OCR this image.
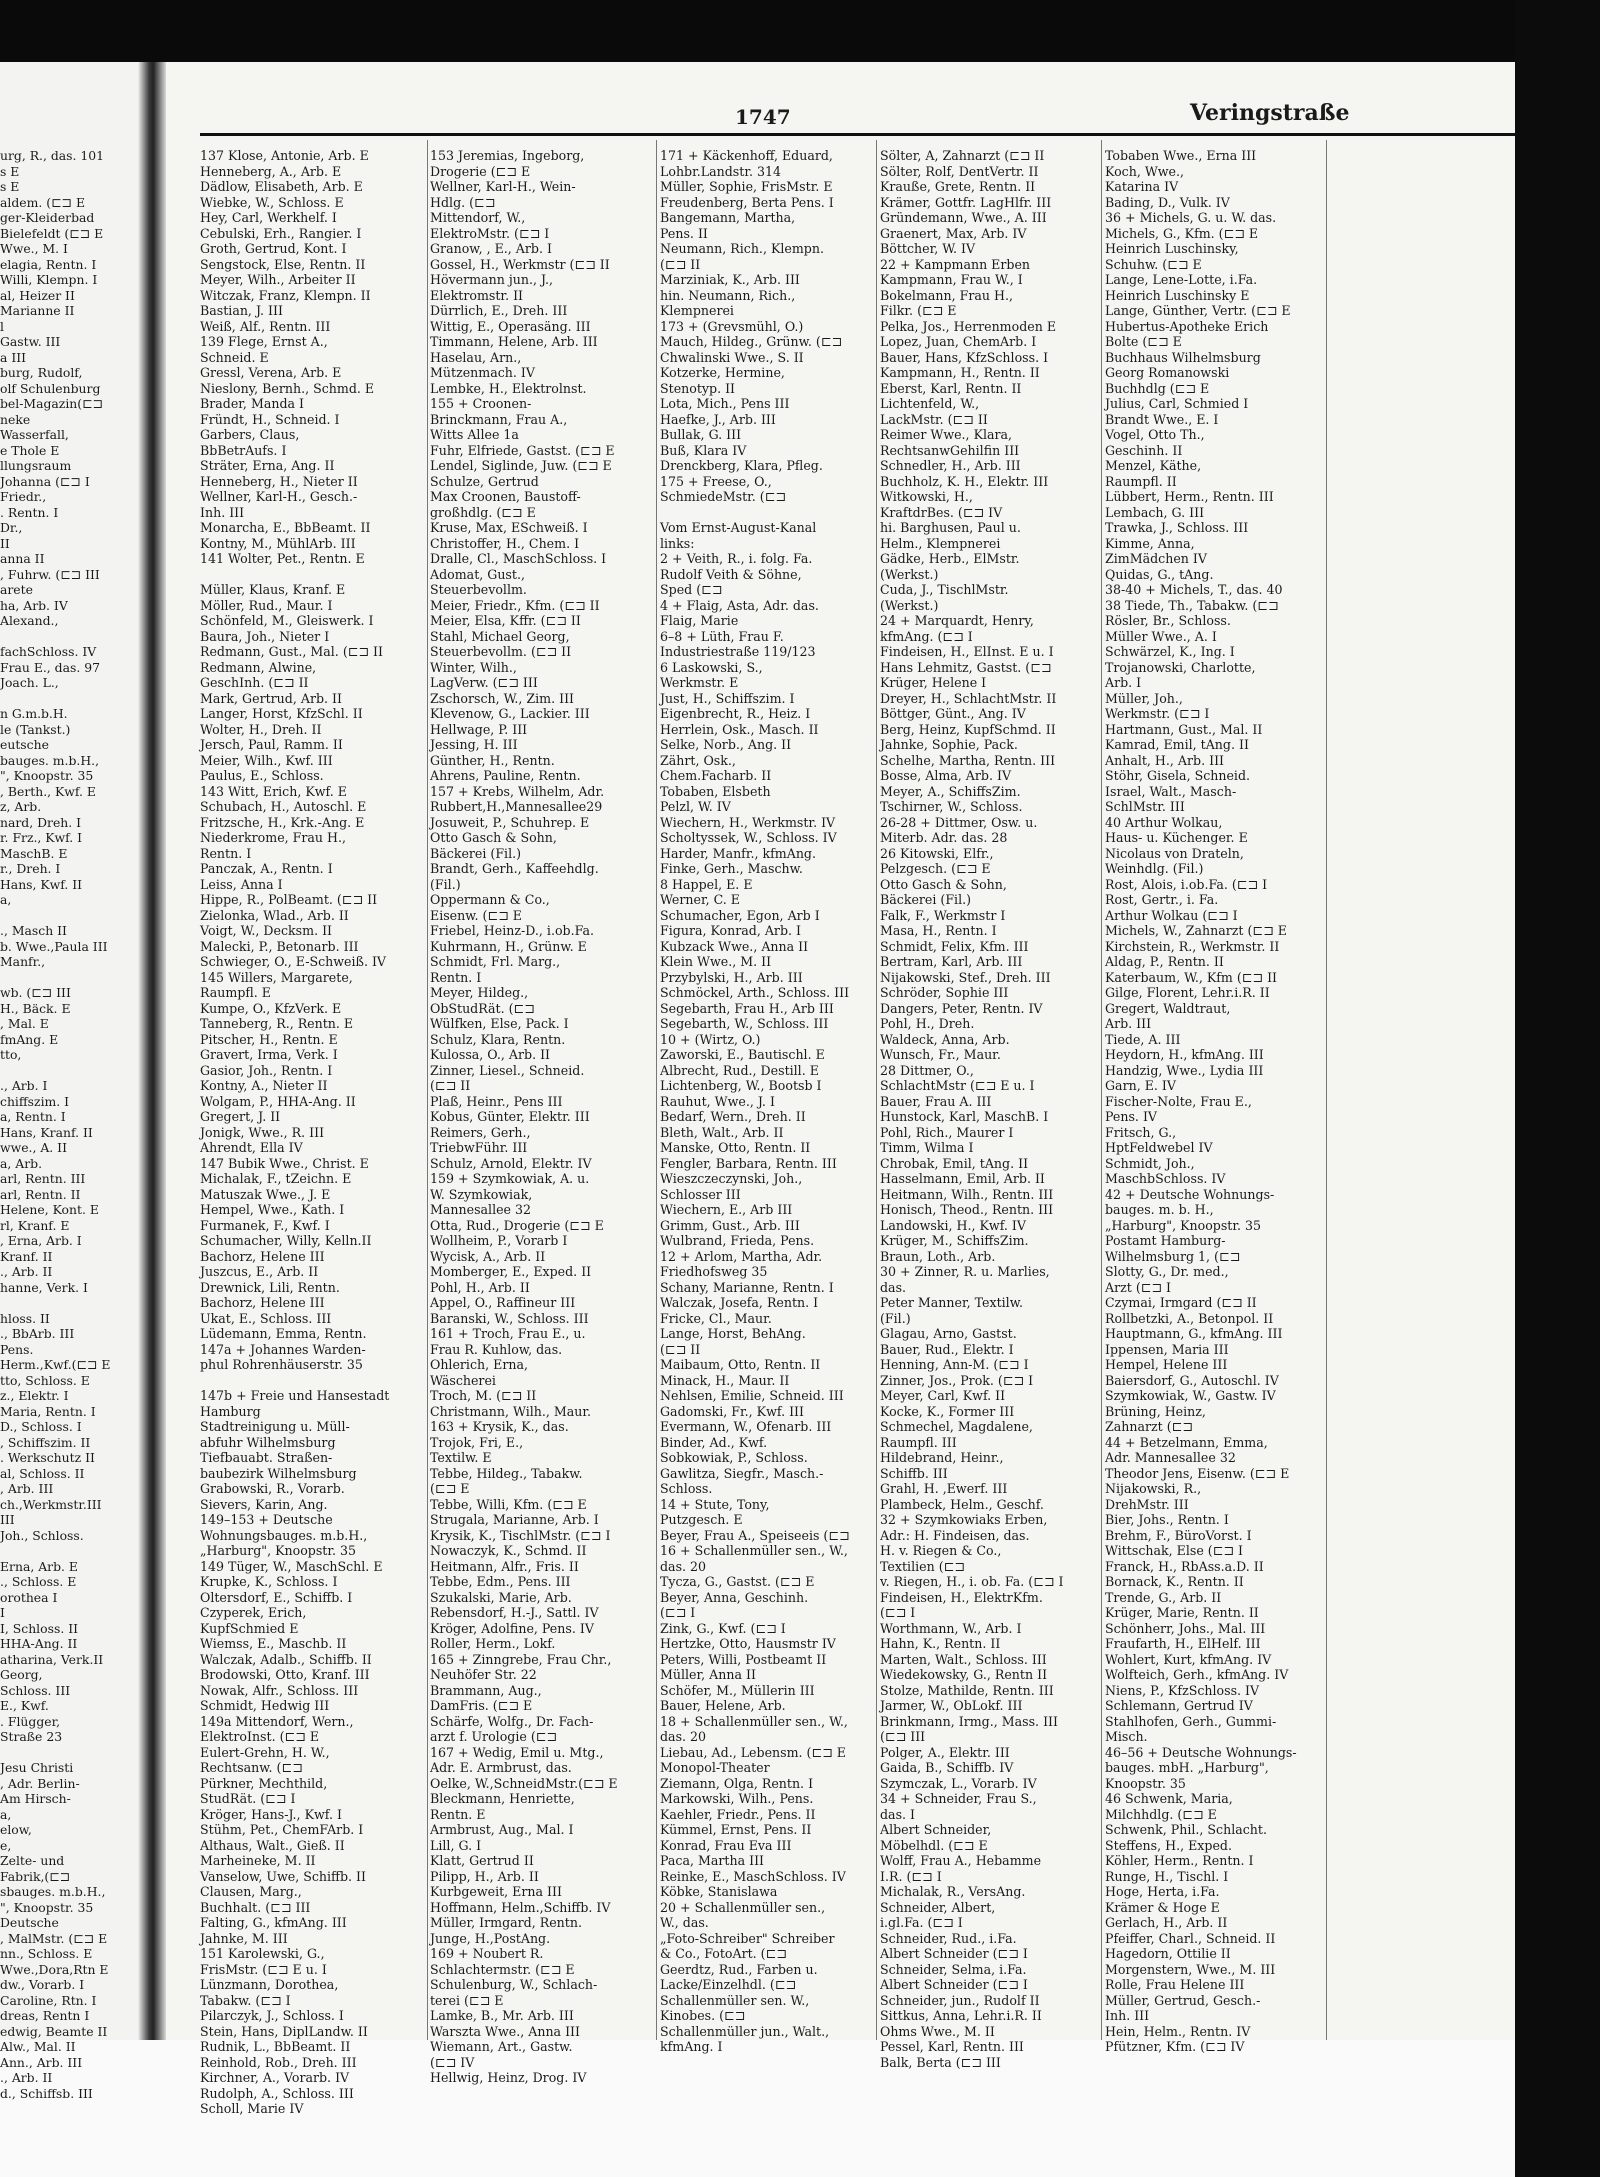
1747	Veringstraße
urg, R., das. 101
s E
s E
aldem. (⊏⊐ E
ger-Kleiderbad
Bielefeldt (⊏⊐ E
Wwe., M. I
elagia, Rentn. I
Willi, Klempn. I
al, Heizer II
Marianne II
l
Gastw. III
a III
burg, Rudolf,
olf Schulenburg
bel-Magazin(⊏⊐
neke
Wasserfall,
e Thole E
llungsraum
Johanna (⊏⊐ I
Friedr.,
. Rentn. I
Dr.,
II
anna II
, Fuhrw. (⊏⊐ III
arete
ha, Arb. IV
Alexand.,
fachSchloss. IV
Frau E., das. 97
Joach. L.,
n G.m.b.H.
le (Tankst.)
eutsche
bauges. m.b.H.,
", Knoopstr. 35
, Berth., Kwf. E
z, Arb.
nard, Dreh. I
r. Frz., Kwf. I
MaschB. E
r., Dreh. I
Hans, Kwf. II
a,
., Masch II
b. Wwe.,Paula III
Manfr.,
wb. (⊏⊐ III
H., Bäck. E
, Mal. E
fmAng. E
tto,
., Arb. I
chiffszim. I
a, Rentn. I
Hans, Kranf. II
wwe., A. II
a, Arb.
arl, Rentn. III
arl, Rentn. II
Helene, Kont. E
rl, Kranf. E
, Erna, Arb. I
Kranf. II
., Arb. II
hanne, Verk. I
hloss. II
., BbArb. III
Pens.
Herm.,Kwf.(⊏⊐ E
tto, Schloss. E
z., Elektr. I
Maria, Rentn. I
D., Schloss. I
, Schiffszim. II
. Werkschutz II
al, Schloss. II
, Arb. III
ch.,Werkmstr.III
III
Joh., Schloss.
Erna, Arb. E
., Schloss. E
orothea I
I
I, Schloss. II
HHA-Ang. II
atharina, Verk.II
Georg,
Schloss. III
E., Kwf.
. Flügger,
Straße 23
Jesu Christi
, Adr. Berlin-
Am Hirsch-
a,
elow,
e,
Zelte- und
Fabrik,(⊏⊐
sbauges. m.b.H.,
", Knoopstr. 35
Deutsche
, MalMstr. (⊏⊐ E
nn., Schloss. E
Wwe.,Dora,Rtn E
dw., Vorarb. I
Caroline, Rtn. I
dreas, Rentn I
edwig, Beamte II
Alw., Mal. II
Ann., Arb. III
., Arb. II
d., Schiffsb. III
137 Klose, Antonie, Arb. E
Henneberg, A., Arb. E
Dädlow, Elisabeth, Arb. E
Wiebke, W., Schloss. E
Hey, Carl, Werkhelf. I
Cebulski, Erh., Rangier. I
Groth, Gertrud, Kont. I
Sengstock, Else, Rentn. II
Meyer, Wilh., Arbeiter II
Witczak, Franz, Klempn. II
Bastian, J. III
Weiß, Alf., Rentn. III
139 Flege, Ernst A.,
Schneid. E
Gressl, Verena, Arb. E
Nieslony, Bernh., Schmd. E
Brader, Manda I
Fründt, H., Schneid. I
Garbers, Claus,
BbBetrAufs. I
Sträter, Erna, Ang. II
Henneberg, H., Nieter II
Wellner, Karl-H., Gesch.-
Inh. III
Monarcha, E., BbBeamt. II
Kontny, M., MühlArb. III
141 Wolter, Pet., Rentn. E
Müller, Klaus, Kranf. E
Möller, Rud., Maur. I
Schönfeld, M., Gleiswerk. I
Baura, Joh., Nieter I
Redmann, Gust., Mal. (⊏⊐ II
Redmann, Alwine,
GeschInh. (⊏⊐ II
Mark, Gertrud, Arb. II
Langer, Horst, KfzSchl. II
Wolter, H., Dreh. II
Jersch, Paul, Ramm. II
Meier, Wilh., Kwf. III
Paulus, E., Schloss.
143 Witt, Erich, Kwf. E
Schubach, H., Autoschl. E
Fritzsche, H., Krk.-Ang. E
Niederkrome, Frau H.,
Rentn. I
Panczak, A., Rentn. I
Leiss, Anna I
Hippe, R., PolBeamt. (⊏⊐ II
Zielonka, Wlad., Arb. II
Voigt, W., Decksm. II
Malecki, P., Betonarb. III
Schwieger, O., E-Schweiß. IV
145 Willers, Margarete,
Raumpfl. E
Kumpe, O., KfzVerk. E
Tanneberg, R., Rentn. E
Pitscher, H., Rentn. E
Gravert, Irma, Verk. I
Gasior, Joh., Rentn. I
Kontny, A., Nieter II
Wolgam, P., HHA-Ang. II
Gregert, J. II
Jonigk, Wwe., R. III
Ahrendt, Ella IV
147 Bubik Wwe., Christ. E
Michalak, F., tZeichn. E
Matuszak Wwe., J. E
Hempel, Wwe., Kath. I
Furmanek, F., Kwf. I
Schumacher, Willy, Kelln.II
Bachorz, Helene III
Juszcus, E., Arb. II
Drewnick, Lili, Rentn.
Bachorz, Helene III
Ukat, E., Schloss. III
Lüdemann, Emma, Rentn.
147a + Johannes Warden-
phul Rohrenhäuserstr. 35
147b + Freie und Hansestadt
Hamburg
Stadtreinigung u. Müll-
abfuhr Wilhelmsburg
Tiefbauabt. Straßen-
baubezirk Wilhelmsburg
Grabowski, R., Vorarb.
Sievers, Karin, Ang.
149–153 + Deutsche
Wohnungsbauges. m.b.H.,
„Harburg", Knoopstr. 35
149 Tüger, W., MaschSchl. E
Krupke, K., Schloss. I
Oltersdorf, E., Schiffb. I
Czyperek, Erich,
KupfSchmied E
Wiemss, E., Maschb. II
Walczak, Adalb., Schiffb. II
Brodowski, Otto, Kranf. III
Nowak, Alfr., Schloss. III
Schmidt, Hedwig III
149a Mittendorf, Wern.,
ElektroInst. (⊏⊐ E
Eulert-Grehn, H. W.,
Rechtsanw. (⊏⊐
Pürkner, Mechthild,
StudRät. (⊏⊐ I
Kröger, Hans-J., Kwf. I
Stühm, Pet., ChemFArb. I
Althaus, Walt., Gieß. II
Marheineke, M. II
Vanselow, Uwe, Schiffb. II
Clausen, Marg.,
Buchhalt. (⊏⊐ III
Falting, G., kfmAng. III
Jahnke, M. III
151 Karolewski, G.,
FrisMstr. (⊏⊐ E u. I
Lünzmann, Dorothea,
Tabakw. (⊏⊐ I
Pilarczyk, J., Schloss. I
Stein, Hans, DiplLandw. II
Rudnik, L., BbBeamt. II
Reinhold, Rob., Dreh. III
Kirchner, A., Vorarb. IV
Rudolph, A., Schloss. III
Scholl, Marie IV
153 Jeremias, Ingeborg,
Drogerie (⊏⊐ E
Wellner, Karl-H., Wein-
Hdlg. (⊏⊐
Mittendorf, W.,
ElektroMstr. (⊏⊐ I
Granow, , E., Arb. I
Gossel, H., Werkmstr (⊏⊐ II
Hövermann jun., J.,
Elektromstr. II
Dürrlich, E., Dreh. III
Wittig, E., Operasäng. III
Timmann, Helene, Arb. III
Haselau, Arn.,
Mützenmach. IV
Lembke, H., Elektrolnst.
155 + Croonen-
Brinckmann, Frau A.,
Witts Allee 1a
Fuhr, Elfriede, Gastst. (⊏⊐ E
Lendel, Siglinde, Juw. (⊏⊐ E
Schulze, Gertrud
Max Croonen, Baustoff-
großhdlg. (⊏⊐ E
Kruse, Max, ESchweiß. I
Christoffer, H., Chem. I
Dralle, Cl., MaschSchloss. I
Adomat, Gust.,
Steuerbevollm.
Meier, Friedr., Kfm. (⊏⊐ II
Meier, Elsa, Kffr. (⊏⊐ II
Stahl, Michael Georg,
Steuerbevollm. (⊏⊐ II
Winter, Wilh.,
LagVerw. (⊏⊐ III
Zschorsch, W., Zim. III
Klevenow, G., Lackier. III
Hellwage, P. III
Jessing, H. III
Günther, H., Rentn.
Ahrens, Pauline, Rentn.
157 + Krebs, Wilhelm, Adr.
Rubbert,H.,Mannesallee29
Josuweit, P., Schuhrep. E
Otto Gasch & Sohn,
Bäckerei (Fil.)
Brandt, Gerh., Kaffeehdlg.
(Fil.)
Oppermann & Co.,
Eisenw. (⊏⊐ E
Friebel, Heinz-D., i.ob.Fa.
Kuhrmann, H., Grünw. E
Schmidt, Frl. Marg.,
Rentn. I
Meyer, Hildeg.,
ObStudRät. (⊏⊐
Wülfken, Else, Pack. I
Schulz, Klara, Rentn.
Kulossa, O., Arb. II
Zinner, Liesel., Schneid.
(⊏⊐ II
Plaß, Heinr., Pens III
Kobus, Günter, Elektr. III
Reimers, Gerh.,
TriebwFühr. III
Schulz, Arnold, Elektr. IV
159 + Szymkowiak, A. u.
W. Szymkowiak,
Mannesallee 32
Otta, Rud., Drogerie (⊏⊐ E
Wollheim, P., Vorarb I
Wycisk, A., Arb. II
Momberger, E., Exped. II
Pohl, H., Arb. II
Appel, O., Raffineur III
Baranski, W., Schloss. III
161 + Troch, Frau E., u.
Frau R. Kuhlow, das.
Ohlerich, Erna,
Wäscherei
Troch, M. (⊏⊐ II
Christmann, Wilh., Maur.
163 + Krysik, K., das.
Trojok, Fri, E.,
Textilw. E
Tebbe, Hildeg., Tabakw.
(⊏⊐ E
Tebbe, Willi, Kfm. (⊏⊐ E
Strugala, Marianne, Arb. I
Krysik, K., TischlMstr. (⊏⊐ I
Nowaczyk, K., Schmd. II
Heitmann, Alfr., Fris. II
Tebbe, Edm., Pens. III
Szukalski, Marie, Arb.
Rebensdorf, H.-J., Sattl. IV
Kröger, Adolfine, Pens. IV
Roller, Herm., Lokf.
165 + Zinngrebe, Frau Chr.,
Neuhöfer Str. 22
Brammann, Aug.,
DamFris. (⊏⊐ E
Schärfe, Wolfg., Dr. Fach-
arzt f. Urologie (⊏⊐
167 + Wedig, Emil u. Mtg.,
Adr. E. Armbrust, das.
Oelke, W.,SchneidMstr.(⊏⊐ E
Bleckmann, Henriette,
Rentn. E
Armbrust, Aug., Mal. I
Lill, G. I
Klatt, Gertrud II
Pilipp, H., Arb. II
Kurbgeweit, Erna III
Hoffmann, Helm.,Schiffb. IV
Müller, Irmgard, Rentn.
Junge, H.,PostAng.
169 + Noubert R.
Schlachtermstr. (⊏⊐ E
Schulenburg, W., Schlach-
terei (⊏⊐ E
Lamke, B., Mr. Arb. III
Warszta Wwe., Anna III
Wiemann, Art., Gastw.
(⊏⊐ IV
Hellwig, Heinz, Drog. IV
171 + Käckenhoff, Eduard,
Lohbr.Landstr. 314
Müller, Sophie, FrisMstr. E
Freudenberg, Berta Pens. I
Bangemann, Martha,
Pens. II
Neumann, Rich., Klempn.
(⊏⊐ II
Marziniak, K., Arb. III
hin. Neumann, Rich.,
Klempnerei
173 + (Grevsmühl, O.)
Mauch, Hildeg., Grünw. (⊏⊐
Chwalinski Wwe., S. II
Kotzerke, Hermine,
Stenotyp. II
Lota, Mich., Pens III
Haefke, J., Arb. III
Bullak, G. III
Buß, Klara IV
Drenckberg, Klara, Pfleg.
175 + Freese, O.,
SchmiedeMstr. (⊏⊐
Vom Ernst-August-Kanal
links:
2 + Veith, R., i. folg. Fa.
Rudolf Veith & Söhne,
Sped (⊏⊐
4 + Flaig, Asta, Adr. das.
Flaig, Marie
6–8 + Lüth, Frau F.
Industriestraße 119/123
6 Laskowski, S.,
Werkmstr. E
Just, H., Schiffszim. I
Eigenbrecht, R., Heiz. I
Herrlein, Osk., Masch. II
Selke, Norb., Ang. II
Zährt, Osk.,
Chem.Facharb. II
Tobaben, Elsbeth
Pelzl, W. IV
Wiechern, H., Werkmstr. IV
Scholtyssek, W., Schloss. IV
Harder, Manfr., kfmAng.
Finke, Gerh., Maschw.
8 Happel, E. E
Werner, C. E
Schumacher, Egon, Arb I
Figura, Konrad, Arb. I
Kubzack Wwe., Anna II
Klein Wwe., M. II
Przybylski, H., Arb. III
Schmöckel, Arth., Schloss. III
Segebarth, Frau H., Arb III
Segebarth, W., Schloss. III
10 + (Wirtz, O.)
Zaworski, E., Bautischl. E
Albrecht, Rud., Destill. E
Lichtenberg, W., Bootsb I
Rauhut, Wwe., J. I
Bedarf, Wern., Dreh. II
Bleth, Walt., Arb. II
Manske, Otto, Rentn. II
Fengler, Barbara, Rentn. III
Wieszczeczynski, Joh.,
Schlosser III
Wiechern, E., Arb III
Grimm, Gust., Arb. III
Wulbrand, Frieda, Pens.
12 + Arlom, Martha, Adr.
Friedhofsweg 35
Schany, Marianne, Rentn. I
Walczak, Josefa, Rentn. I
Fricke, Cl., Maur.
Lange, Horst, BehAng.
(⊏⊐ II
Maibaum, Otto, Rentn. II
Minack, H., Maur. II
Nehlsen, Emilie, Schneid. III
Gadomski, Fr., Kwf. III
Evermann, W., Ofenarb. III
Binder, Ad., Kwf.
Sobkowiak, P., Schloss.
Gawlitza, Siegfr., Masch.-
Schloss.
14 + Stute, Tony,
Putzgesch. E
Beyer, Frau A., Speiseeis (⊏⊐
16 + Schallenmüller sen., W.,
das. 20
Tycza, G., Gastst. (⊏⊐ E
Beyer, Anna, Geschinh.
(⊏⊐ I
Zink, G., Kwf. (⊏⊐ I
Hertzke, Otto, Hausmstr IV
Peters, Willi, Postbeamt II
Müller, Anna II
Schöfer, M., Müllerin III
Bauer, Helene, Arb.
18 + Schallenmüller sen., W.,
das. 20
Liebau, Ad., Lebensm. (⊏⊐ E
Monopol-Theater
Ziemann, Olga, Rentn. I
Markowski, Wilh., Pens.
Kaehler, Friedr., Pens. II
Kümmel, Ernst, Pens. II
Konrad, Frau Eva III
Paca, Martha III
Reinke, E., MaschSchloss. IV
Köbke, Stanislawa
20 + Schallenmüller sen.,
W., das.
„Foto-Schreiber" Schreiber
& Co., FotoArt. (⊏⊐
Geerdtz, Rud., Farben u.
Lacke/Einzelhdl. (⊏⊐
Schallenmüller sen. W.,
Kinobes. (⊏⊐
Schallenmüller jun., Walt.,
kfmAng. I
Sölter, A, Zahnarzt (⊏⊐ II
Sölter, Rolf, DentVertr. II
Krauße, Grete, Rentn. II
Krämer, Gottfr. LagHlfr. III
Gründemann, Wwe., A. III
Graenert, Max, Arb. IV
Böttcher, W. IV
22 + Kampmann Erben
Kampmann, Frau W., I
Bokelmann, Frau H.,
Filkr. (⊏⊐ E
Pelka, Jos., Herrenmoden E
Lopez, Juan, ChemArb. I
Bauer, Hans, KfzSchloss. I
Kampmann, H., Rentn. II
Eberst, Karl, Rentn. II
Lichtenfeld, W.,
LackMstr. (⊏⊐ II
Reimer Wwe., Klara,
RechtsanwGehilfin III
Schnedler, H., Arb. III
Buchholz, K. H., Elektr. III
Witkowski, H.,
KraftdrBes. (⊏⊐ IV
hi. Barghusen, Paul u.
Helm., Klempnerei
Gädke, Herb., ElMstr.
(Werkst.)
Cuda, J., TischlMstr.
(Werkst.)
24 + Marquardt, Henry,
kfmAng. (⊏⊐ I
Findeisen, H., ElInst. E u. I
Hans Lehmitz, Gastst. (⊏⊐
Krüger, Helene I
Dreyer, H., SchlachtMstr. II
Böttger, Günt., Ang. IV
Berg, Heinz, KupfSchmd. II
Jahnke, Sophie, Pack.
Schelhe, Martha, Rentn. III
Bosse, Alma, Arb. IV
Meyer, A., SchiffsZim.
Tschirner, W., Schloss.
26-28 + Dittmer, Osw. u.
Miterb. Adr. das. 28
26 Kitowski, Elfr.,
Pelzgesch. (⊏⊐ E
Otto Gasch & Sohn,
Bäckerei (Fil.)
Falk, F., Werkmstr I
Masa, H., Rentn. I
Schmidt, Felix, Kfm. III
Bertram, Karl, Arb. III
Nijakowski, Stef., Dreh. III
Schröder, Sophie III
Dangers, Peter, Rentn. IV
Pohl, H., Dreh.
Waldeck, Anna, Arb.
Wunsch, Fr., Maur.
28 Dittmer, O.,
SchlachtMstr (⊏⊐ E u. I
Bauer, Frau A. III
Hunstock, Karl, MaschB. I
Pohl, Rich., Maurer I
Timm, Wilma I
Chrobak, Emil, tAng. II
Hasselmann, Emil, Arb. II
Heitmann, Wilh., Rentn. III
Honisch, Theod., Rentn. III
Landowski, H., Kwf. IV
Krüger, M., SchiffsZim.
Braun, Loth., Arb.
30 + Zinner, R. u. Marlies,
das.
Peter Manner, Textilw.
(Fil.)
Glagau, Arno, Gastst.
Bauer, Rud., Elektr. I
Henning, Ann-M. (⊏⊐ I
Zinner, Jos., Prok. (⊏⊐ I
Meyer, Carl, Kwf. II
Kocke, K., Former III
Schmechel, Magdalene,
Raumpfl. III
Hildebrand, Heinr.,
Schiffb. III
Grahl, H. ,Ewerf. III
Plambeck, Helm., Geschf.
32 + Szymkowiaks Erben,
Adr.: H. Findeisen, das.
H. v. Riegen & Co.,
Textilien (⊏⊐
v. Riegen, H., i. ob. Fa. (⊏⊐ I
Findeisen, H., ElektrKfm.
(⊏⊐ I
Worthmann, W., Arb. I
Hahn, K., Rentn. II
Marten, Walt., Schloss. III
Wiedekowsky, G., Rentn II
Stolze, Mathilde, Rentn. III
Jarmer, W., ObLokf. III
Brinkmann, Irmg., Mass. III
(⊏⊐ III
Polger, A., Elektr. III
Gaida, B., Schiffb. IV
Szymczak, L., Vorarb. IV
34 + Schneider, Frau S.,
das. I
Albert Schneider,
Möbelhdl. (⊏⊐ E
Wolff, Frau A., Hebamme
I.R. (⊏⊐ I
Michalak, R., VersAng.
Schneider, Albert,
i.gl.Fa. (⊏⊐ I
Schneider, Rud., i.Fa.
Albert Schneider (⊏⊐ I
Schneider, Selma, i.Fa.
Albert Schneider (⊏⊐ I
Schneider, jun., Rudolf II
Sittkus, Anna, Lehr.i.R. II
Ohms Wwe., M. II
Pessel, Karl, Rentn. III
Balk, Berta (⊏⊐ III
Tobaben Wwe., Erna III
Koch, Wwe.,
Katarina IV
Bading, D., Vulk. IV
36 + Michels, G. u. W. das.
Michels, G., Kfm. (⊏⊐ E
Heinrich Luschinsky,
Schuhw. (⊏⊐ E
Lange, Lene-Lotte, i.Fa.
Heinrich Luschinsky E
Lange, Günther, Vertr. (⊏⊐ E
Hubertus-Apotheke Erich
Bolte (⊏⊐ E
Buchhaus Wilhelmsburg
Georg Romanowski
Buchhdlg (⊏⊐ E
Julius, Carl, Schmied I
Brandt Wwe., E. I
Vogel, Otto Th.,
Geschinh. II
Menzel, Käthe,
Raumpfl. II
Lübbert, Herm., Rentn. III
Lembach, G. III
Trawka, J., Schloss. III
Kimme, Anna,
ZimMädchen IV
Quidas, G., tAng.
38-40 + Michels, T., das. 40
38 Tiede, Th., Tabakw. (⊏⊐
Rösler, Br., Schloss.
Müller Wwe., A. I
Schwärzel, K., Ing. I
Trojanowski, Charlotte,
Arb. I
Müller, Joh.,
Werkmstr. (⊏⊐ I
Hartmann, Gust., Mal. II
Kamrad, Emil, tAng. II
Anhalt, H., Arb. III
Stöhr, Gisela, Schneid.
Israel, Walt., Masch-
SchlMstr. III
40 Arthur Wolkau,
Haus- u. Küchenger. E
Nicolaus von Drateln,
Weinhdlg. (Fil.)
Rost, Alois, i.ob.Fa. (⊏⊐ I
Rost, Gertr., i. Fa.
Arthur Wolkau (⊏⊐ I
Michels, W., Zahnarzt (⊏⊐ E
Kirchstein, R., Werkmstr. II
Aldag, P., Rentn. II
Katerbaum, W., Kfm (⊏⊐ II
Gilge, Florent, Lehr.i.R. II
Gregert, Waldtraut,
Arb. III
Tiede, A. III
Heydorn, H., kfmAng. III
Handzig, Wwe., Lydia III
Garn, E. IV
Fischer-Nolte, Frau E.,
Pens. IV
Fritsch, G.,
HptFeldwebel IV
Schmidt, Joh.,
MaschbSchloss. IV
42 + Deutsche Wohnungs-
bauges. m. b. H.,
„Harburg", Knoopstr. 35
Postamt Hamburg-
Wilhelmsburg 1, (⊏⊐
Slotty, G., Dr. med.,
Arzt (⊏⊐ I
Czymai, Irmgard (⊏⊐ II
Rollbetzki, A., Betonpol. II
Hauptmann, G., kfmAng. III
Ippensen, Maria III
Hempel, Helene III
Baiersdorf, G., Autoschl. IV
Szymkowiak, W., Gastw. IV
Brüning, Heinz,
Zahnarzt (⊏⊐
44 + Betzelmann, Emma,
Adr. Mannesallee 32
Theodor Jens, Eisenw. (⊏⊐ E
Nijakowski, R.,
DrehMstr. III
Bier, Johs., Rentn. I
Brehm, F., BüroVorst. I
Wittschak, Else (⊏⊐ I
Franck, H., RbAss.a.D. II
Bornack, K., Rentn. II
Trende, G., Arb. II
Krüger, Marie, Rentn. II
Schönherr, Johs., Mal. III
Fraufarth, H., ElHelf. III
Wohlert, Kurt, kfmAng. IV
Wolfteich, Gerh., kfmAng. IV
Niens, P., KfzSchloss. IV
Schlemann, Gertrud IV
Stahlhofen, Gerh., Gummi-
Misch.
46–56 + Deutsche Wohnungs-
bauges. mbH. „Harburg",
Knoopstr. 35
46 Schwenk, Maria,
Milchhdlg. (⊏⊐ E
Schwenk, Phil., Schlacht.
Steffens, H., Exped.
Köhler, Herm., Rentn. I
Runge, H., Tischl. I
Hoge, Herta, i.Fa.
Krämer & Hoge E
Gerlach, H., Arb. II
Pfeiffer, Charl., Schneid. II
Hagedorn, Ottilie II
Morgenstern, Wwe., M. III
Rolle, Frau Helene III
Müller, Gertrud, Gesch.-
Inh. III
Hein, Helm., Rentn. IV
Pfützner, Kfm. (⊏⊐ IV
